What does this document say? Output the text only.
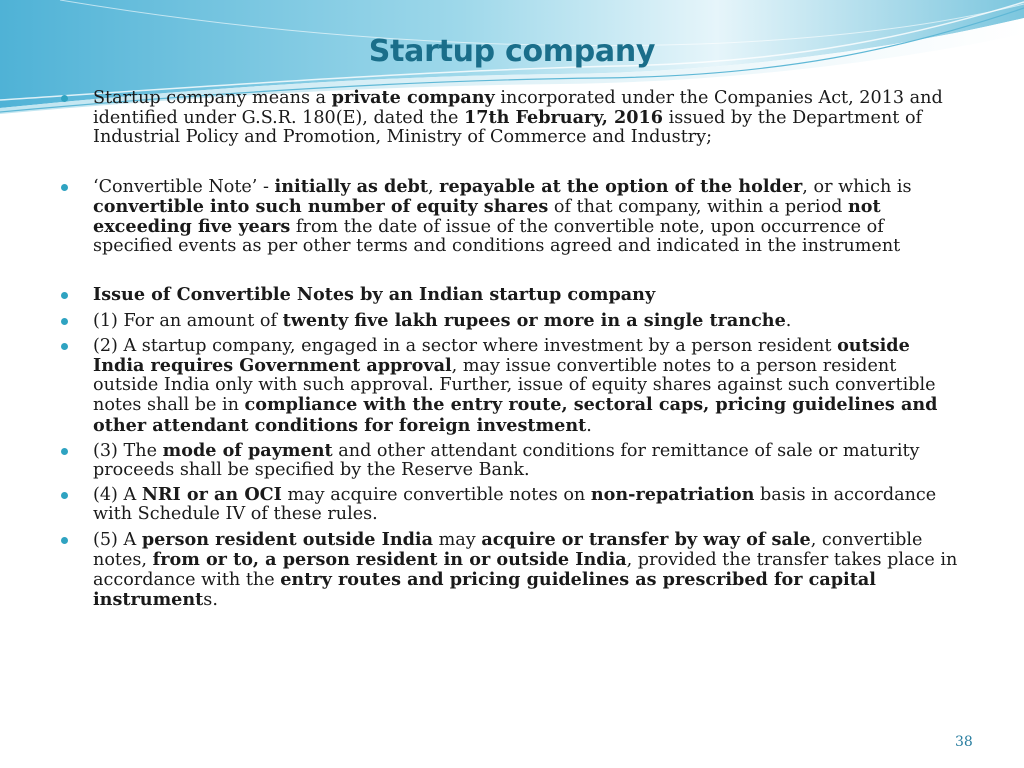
Startup company
Startup company means a private company incorporated under the Companies Act, 2013 and identified under G.S.R. 180(E), dated the 17th February, 2016 issued by the Department of Industrial Policy and Promotion, Ministry of Commerce and Industry;
‘Convertible Note’ - initially as debt, repayable at the option of the holder, or which is convertible into such number of equity shares of that company, within a period not exceeding five years from the date of issue of the convertible note, upon occurrence of specified events as per other terms and conditions agreed and indicated in the instrument
Issue of Convertible Notes by an Indian startup company
(1) For an amount of twenty five lakh rupees or more in a single tranche.
(2) A startup company, engaged in a sector where investment by a person resident outside India requires Government approval, may issue convertible notes to a person resident outside India only with such approval. Further, issue of equity shares against such convertible notes shall be in compliance with the entry route, sectoral caps, pricing guidelines and other attendant conditions for foreign investment.
(3) The mode of payment and other attendant conditions for remittance of sale or maturity proceeds shall be specified by the Reserve Bank.
(4) A NRI or an OCI may acquire convertible notes on non-repatriation basis in accordance with Schedule IV of these rules.
(5) A person resident outside India may acquire or transfer by way of sale, convertible notes, from or to, a person resident in or outside India, provided the transfer takes place in accordance with the entry routes and pricing guidelines as prescribed for capital instruments.
38
